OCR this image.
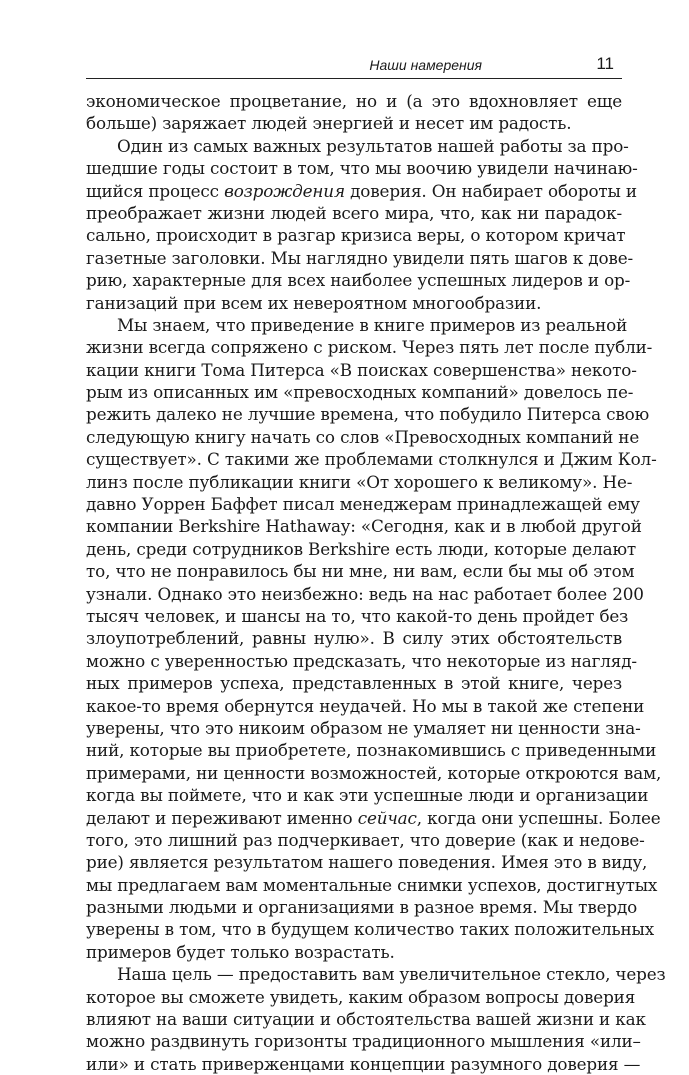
Наши намерения	11
экономическое процветание, но и (а это вдохновляет еще
больше) заряжает людей энергией и несет им радость.
Один из самых важных результатов нашей работы за про-
шедшие годы состоит в том, что мы воочию увидели начинаю-
щийся процесс возрождения доверия. Он набирает обороты и
преображает жизни людей всего мира, что, как ни парадок-
сально, происходит в разгар кризиса веры, о котором кричат
газетные заголовки. Мы наглядно увидели пять шагов к дове-
рию, характерные для всех наиболее успешных лидеров и ор-
ганизаций при всем их невероятном многообразии.
Мы знаем, что приведение в книге примеров из реальной
жизни всегда сопряжено с риском. Через пять лет после публи-
кации книги Тома Питерса «В поисках совершенства» некото-
рым из описанных им «превосходных компаний» довелось пе-
режить далеко не лучшие времена, что побудило Питерса свою
следующую книгу начать со слов «Превосходных компаний не
существует». С такими же проблемами столкнулся и Джим Кол-
линз после публикации книги «От хорошего к великому». Не-
давно Уоррен Баффет писал менеджерам принадлежащей ему
компании Berkshire Hathaway: «Сегодня, как и в любой другой
день, среди сотрудников Berkshire есть люди, которые делают
то, что не понравилось бы ни мне, ни вам, если бы мы об этом
узнали. Однако это неизбежно: ведь на нас работает более 200
тысяч человек, и шансы на то, что какой-то день пройдет без
злоупотреблений, равны нулю». В силу этих обстоятельств
можно с уверенностью предсказать, что некоторые из нагляд-
ных примеров успеха, представленных в этой книге, через
какое-то время обернутся неудачей. Но мы в такой же степени
уверены, что это никоим образом не умаляет ни ценности зна-
ний, которые вы приобретете, познакомившись с приведенными
примерами, ни ценности возможностей, которые откроются вам,
когда вы поймете, что и как эти успешные люди и организации
делают и переживают именно сейчас, когда они успешны. Более
того, это лишний раз подчеркивает, что доверие (как и недове-
рие) является результатом нашего поведения. Имея это в виду,
мы предлагаем вам моментальные снимки успехов, достигнутых
разными людьми и организациями в разное время. Мы твердо
уверены в том, что в будущем количество таких положительных
примеров будет только возрастать.
Наша цель — предоставить вам увеличительное стекло, через
которое вы сможете увидеть, каким образом вопросы доверия
влияют на ваши ситуации и обстоятельства вашей жизни и как
можно раздвинуть горизонты традиционного мышления «или–
или» и стать приверженцами концепции разумного доверия —
